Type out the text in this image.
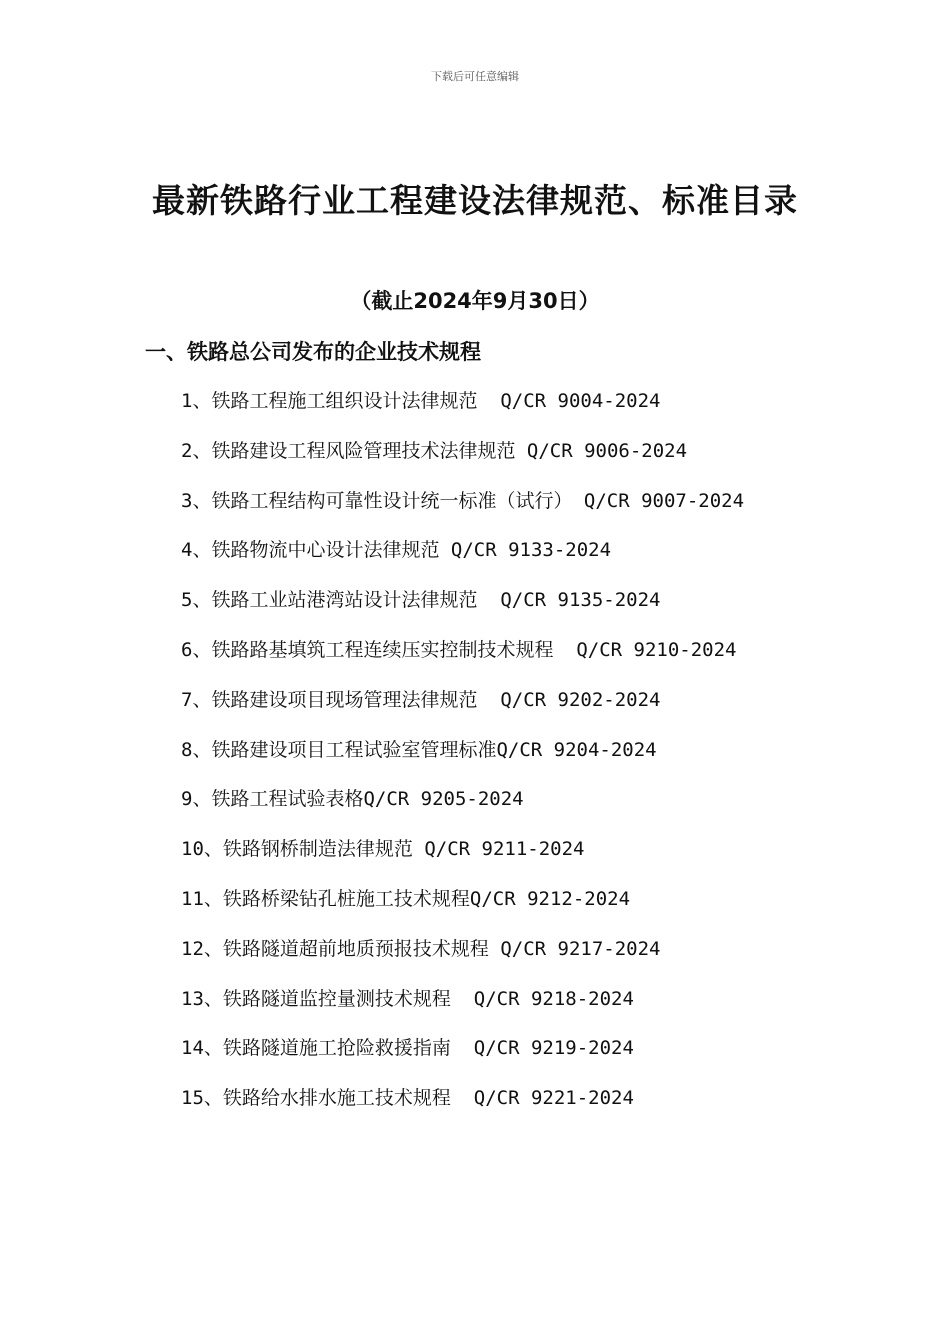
下载后可任意编辑
最新铁路行业工程建设法律规范、标准目录

（截止2024年9月30日）

一、铁路总公司发布的企业技术规程
1、铁路工程施工组织设计法律规范  Q/CR 9004-2024
2、铁路建设工程风险管理技术法律规范 Q/CR 9006-2024
3、铁路工程结构可靠性设计统一标准（试行） Q/CR 9007-2024
4、铁路物流中心设计法律规范 Q/CR 9133-2024
5、铁路工业站港湾站设计法律规范  Q/CR 9135-2024
6、铁路路基填筑工程连续压实控制技术规程  Q/CR 9210-2024
7、铁路建设项目现场管理法律规范  Q/CR 9202-2024
8、铁路建设项目工程试验室管理标准Q/CR 9204-2024
9、铁路工程试验表格Q/CR 9205-2024
10、铁路钢桥制造法律规范 Q/CR 9211-2024
11、铁路桥梁钻孔桩施工技术规程Q/CR 9212-2024
12、铁路隧道超前地质预报技术规程 Q/CR 9217-2024
13、铁路隧道监控量测技术规程  Q/CR 9218-2024
14、铁路隧道施工抢险救援指南  Q/CR 9219-2024
15、铁路给水排水施工技术规程  Q/CR 9221-2024
